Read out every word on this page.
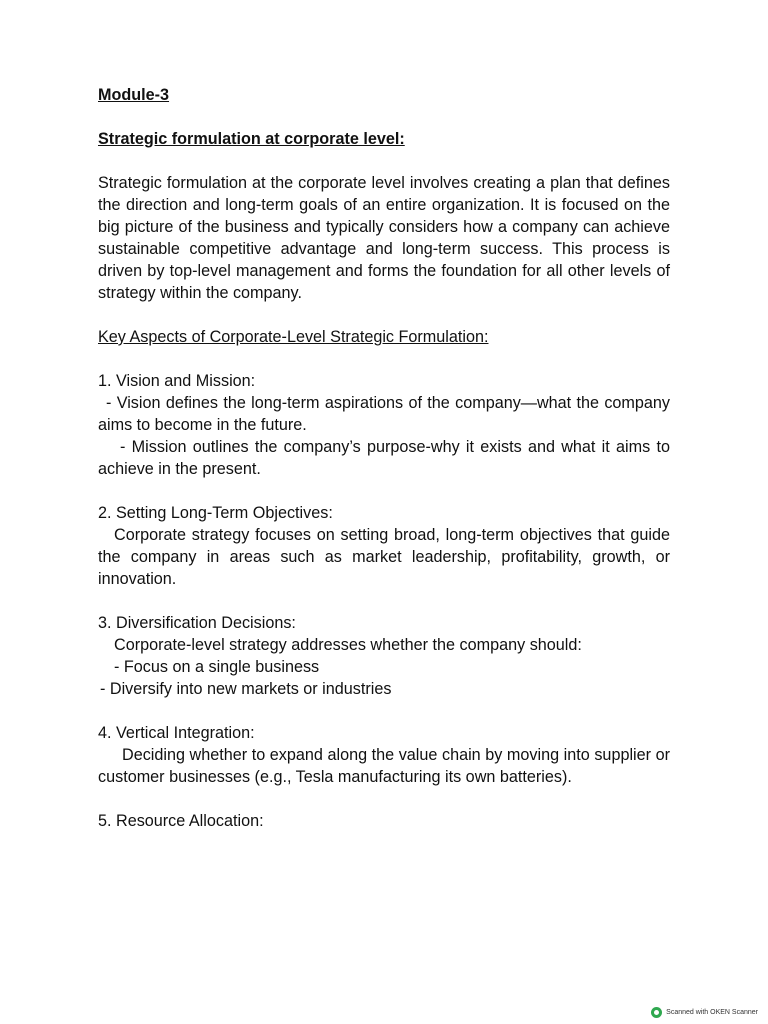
Module-3
Strategic formulation at corporate level:

Strategic formulation at the corporate level involves creating a plan that defines the direction and long-term goals of an entire organization. It is focused on the big picture of the business and typically considers how a company can achieve sustainable competitive advantage and long-term success. This process is driven by top-level management and forms the foundation for all other levels of strategy within the company.

Key Aspects of Corporate-Level Strategic Formulation:

1. Vision and Mission:

- Vision defines the long-term aspirations of the company—what the company aims to become in the future.

- Mission outlines the company’s purpose-why it exists and what it aims to achieve in the present.

2. Setting Long-Term Objectives:

Corporate strategy focuses on setting broad, long-term objectives that guide the company in areas such as market leadership, profitability, growth, or innovation.

3. Diversification Decisions:

Corporate-level strategy addresses whether the company should:

- Focus on a single business

- Diversify into new markets or industries

4. Vertical Integration:

Deciding whether to expand along the value chain by moving into supplier or customer businesses (e.g., Tesla manufacturing its own batteries).

5. Resource Allocation:

Scanned with OKEN Scanner
